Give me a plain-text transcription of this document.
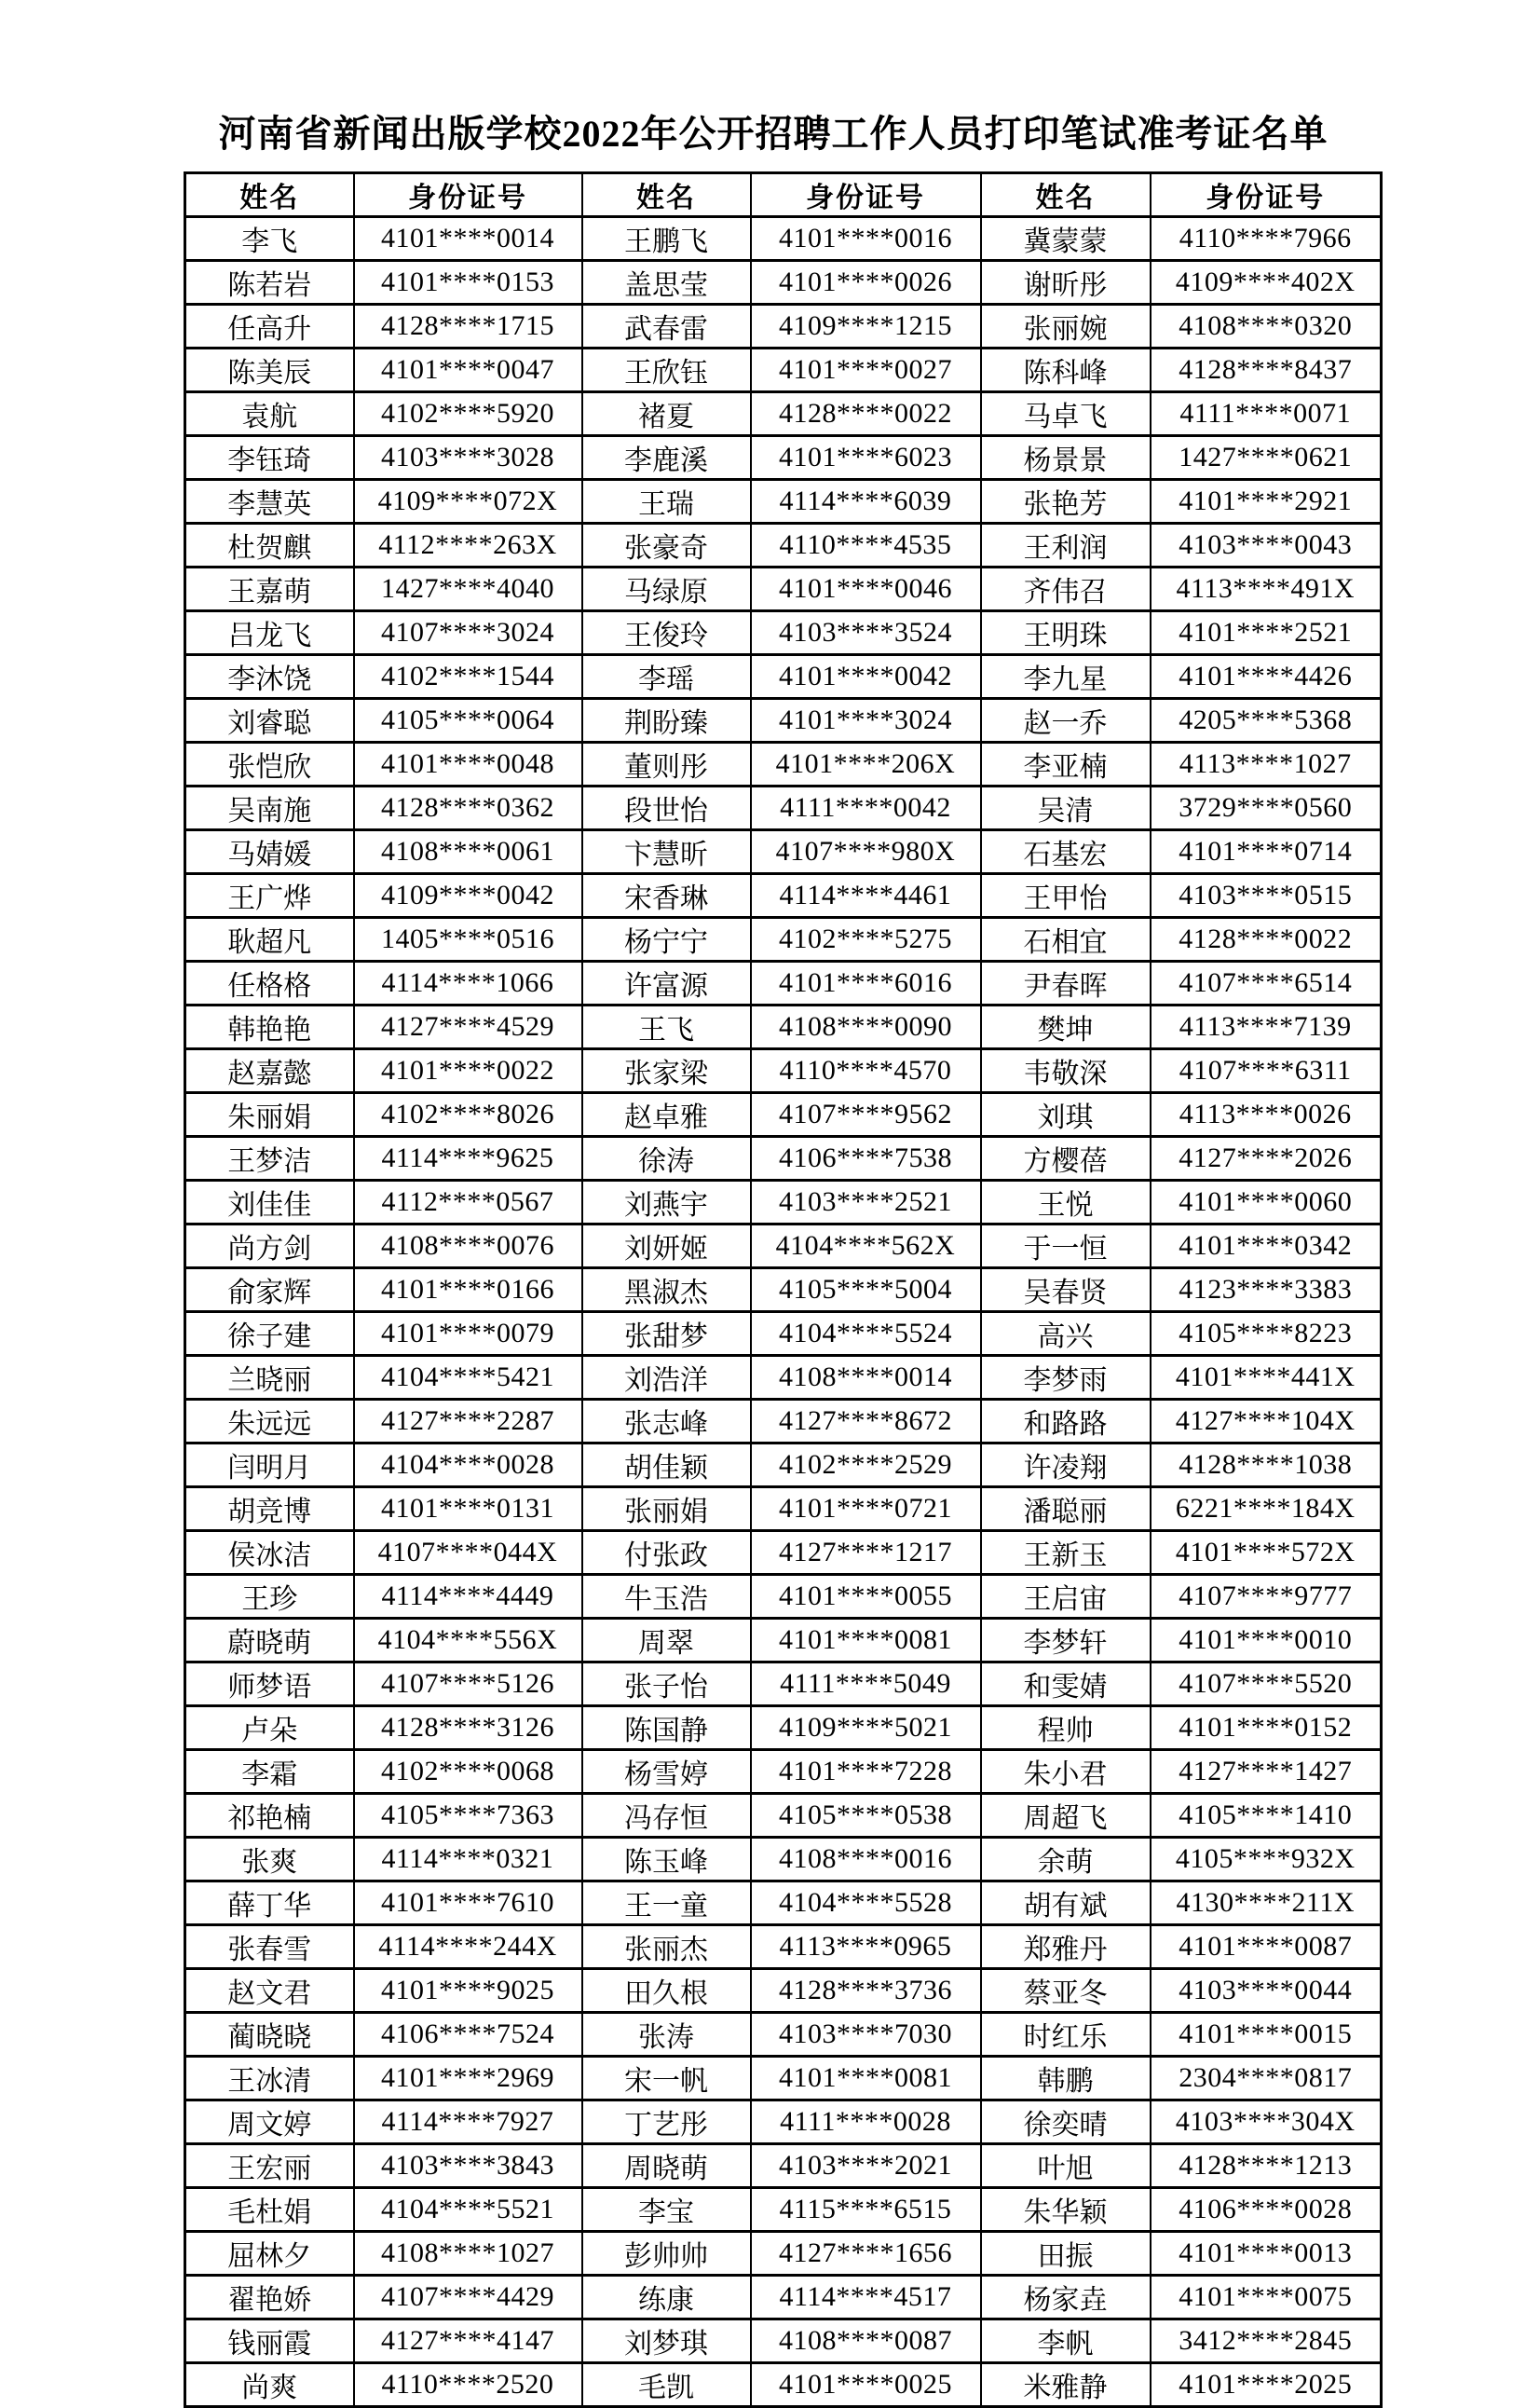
河南省新闻出版学校2022年公开招聘工作人员打印笔试准考证名单
姓名	身份证号	姓名	身份证号	姓名	身份证号
李飞	4101****0014	王鹏飞	4101****0016	冀蒙蒙	4110****7966
陈若岩	4101****0153	盖思莹	4101****0026	谢昕彤	4109****402X
任高升	4128****1715	武春雷	4109****1215	张丽婉	4108****0320
陈美辰	4101****0047	王欣钰	4101****0027	陈科峰	4128****8437
袁航	4102****5920	褚夏	4128****0022	马卓飞	4111****0071
李钰琦	4103****3028	李鹿溪	4101****6023	杨景景	1427****0621
李慧英	4109****072X	王瑞	4114****6039	张艳芳	4101****2921
杜贺麒	4112****263X	张豪奇	4110****4535	王利润	4103****0043
王嘉萌	1427****4040	马绿原	4101****0046	齐伟召	4113****491X
吕龙飞	4107****3024	王俊玲	4103****3524	王明珠	4101****2521
李沐饶	4102****1544	李瑶	4101****0042	李九星	4101****4426
刘睿聪	4105****0064	荆盼臻	4101****3024	赵一乔	4205****5368
张恺欣	4101****0048	董则彤	4101****206X	李亚楠	4113****1027
吴南施	4128****0362	段世怡	4111****0042	吴清	3729****0560
马婧媛	4108****0061	卞慧昕	4107****980X	石基宏	4101****0714
王广烨	4109****0042	宋香琳	4114****4461	王甲怡	4103****0515
耿超凡	1405****0516	杨宁宁	4102****5275	石相宜	4128****0022
任格格	4114****1066	许富源	4101****6016	尹春晖	4107****6514
韩艳艳	4127****4529	王飞	4108****0090	樊坤	4113****7139
赵嘉懿	4101****0022	张家梁	4110****4570	韦敬深	4107****6311
朱丽娟	4102****8026	赵卓雅	4107****9562	刘琪	4113****0026
王梦洁	4114****9625	徐涛	4106****7538	方樱蓓	4127****2026
刘佳佳	4112****0567	刘燕宇	4103****2521	王悦	4101****0060
尚方剑	4108****0076	刘妍姬	4104****562X	于一恒	4101****0342
俞家辉	4101****0166	黑淑杰	4105****5004	吴春贤	4123****3383
徐子建	4101****0079	张甜梦	4104****5524	高兴	4105****8223
兰晓丽	4104****5421	刘浩洋	4108****0014	李梦雨	4101****441X
朱远远	4127****2287	张志峰	4127****8672	和路路	4127****104X
闫明月	4104****0028	胡佳颖	4102****2529	许凌翔	4128****1038
胡竞博	4101****0131	张丽娟	4101****0721	潘聪丽	6221****184X
侯冰洁	4107****044X	付张政	4127****1217	王新玉	4101****572X
王珍	4114****4449	牛玉浩	4101****0055	王启宙	4107****9777
蔚晓萌	4104****556X	周翠	4101****0081	李梦轩	4101****0010
师梦语	4107****5126	张子怡	4111****5049	和雯婧	4107****5520
卢朵	4128****3126	陈国静	4109****5021	程帅	4101****0152
李霜	4102****0068	杨雪婷	4101****7228	朱小君	4127****1427
祁艳楠	4105****7363	冯存恒	4105****0538	周超飞	4105****1410
张爽	4114****0321	陈玉峰	4108****0016	余萌	4105****932X
薛丁华	4101****7610	王一童	4104****5528	胡有斌	4130****211X
张春雪	4114****244X	张丽杰	4113****0965	郑雅丹	4101****0087
赵文君	4101****9025	田久根	4128****3736	蔡亚冬	4103****0044
蔺晓晓	4106****7524	张涛	4103****7030	时红乐	4101****0015
王冰清	4101****2969	宋一帆	4101****0081	韩鹏	2304****0817
周文婷	4114****7927	丁艺彤	4111****0028	徐奕晴	4103****304X
王宏丽	4103****3843	周晓萌	4103****2021	叶旭	4128****1213
毛杜娟	4104****5521	李宝	4115****6515	朱华颖	4106****0028
屈林夕	4108****1027	彭帅帅	4127****1656	田振	4101****0013
翟艳娇	4107****4429	练康	4114****4517	杨家垚	4101****0075
钱丽霞	4127****4147	刘梦琪	4108****0087	李帆	3412****2845
尚爽	4110****2520	毛凯	4101****0025	米雅静	4101****2025
